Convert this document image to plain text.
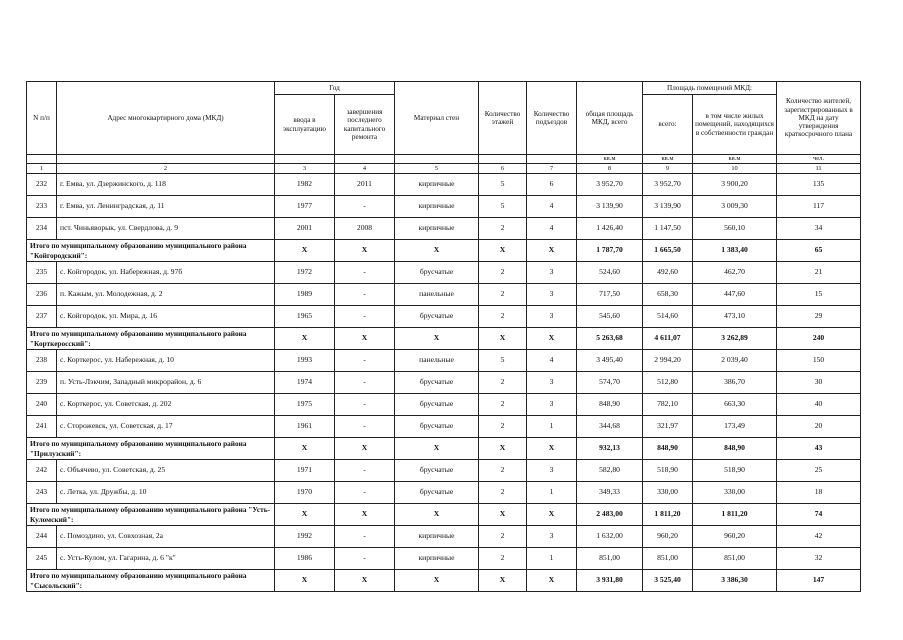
N п/п	Адрес многоквартирного дома (МКД)	Год		Материал стен	Количество этажей	Количество подъездов	общая площадь МКД, всего	Площадь помещений МКД:		Количество жителей, зарегистрированных в МКД на дату утверждения краткосрочного плана
		ввода в эксплуатацию	завершения последнего капитального ремонта					всего:	в том числе жилых помещений, находящихся в собственности граждан	
							кв.м	кв.м	кв.м	чел.
1	2	3	4	5	6	7	8	9	10	11
232	г. Емва, ул. Дзержинского, д. 118	1982	2011	кирпичные	5	6	3 952,70	3 952,70	3 900,20	135
233	г. Емва, ул. Ленинградская, д. 11	1977	-	кирпичные	5	4	3 139,90	3 139,90	3 009,30	117
234	пст. Чиньяворык, ул. Свердлова, д. 9	2001	2008	кирпичные	2	4	1 426,40	1 147,50	560,10	34
Итого по муниципальному образованию муниципального района "Койгородский":		X	X	X	X	X	1 787,70	1 665,50	1 383,40	65
235	с. Койгородок, ул. Набережная, д. 97б	1972	-	брусчатые	2	3	524,60	492,60	462,70	21
236	п. Кажым, ул. Молодежная, д. 2	1989	-	панельные	2	3	717,50	658,30	447,60	15
237	с. Койгородок, ул. Мира, д. 16	1965	-	брусчатые	2	3	545,60	514,60	473,10	29
Итого по муниципальному образованию муниципального района "Корткеросский":		X	X	X	X	X	5 263,68	4 611,07	3 262,89	240
238	с. Корткерос, ул. Набережная, д. 10	1993	-	панельные	5	4	3 495,40	2 994,20	2 039,40	150
239	п. Усть-Лэкчим, Западный микрорайон, д. 6	1974	-	брусчатые	2	3	574,70	512,80	386,70	30
240	с. Корткерос, ул. Советская, д. 202	1975	-	брусчатые	2	3	848,90	782,10	663,30	40
241	с. Сторожевск, ул. Советская, д. 17	1961	-	брусчатые	2	1	344,68	321,97	173,49	20
Итого по муниципальному образованию муниципального района "Прилузский":		X	X	X	X	X	932,13	848,90	848,90	43
242	с. Объячево, ул. Советская, д. 25	1971	-	брусчатые	2	3	582,80	518,90	518,90	25
243	с. Летка, ул. Дружбы, д. 10	1970	-	брусчатые	2	1	349,33	330,00	330,00	18
Итого по муниципальному образованию муниципального района "Усть-Куломский":		X	X	X	X	X	2 483,00	1 811,20	1 811,20	74
244	с. Помоздино, ул. Совхозная, 2а	1992	-	кирпичные	2	3	1 632,00	960,20	960,20	42
245	с. Усть-Кулом, ул. Гагарина, д. 6 "к"	1986	-	кирпичные	2	1	851,00	851,00	851,00	32
Итого по муниципальному образованию муниципального района "Сысольский":		X	X	X	X	X	3 931,80	3 525,40	3 386,30	147
